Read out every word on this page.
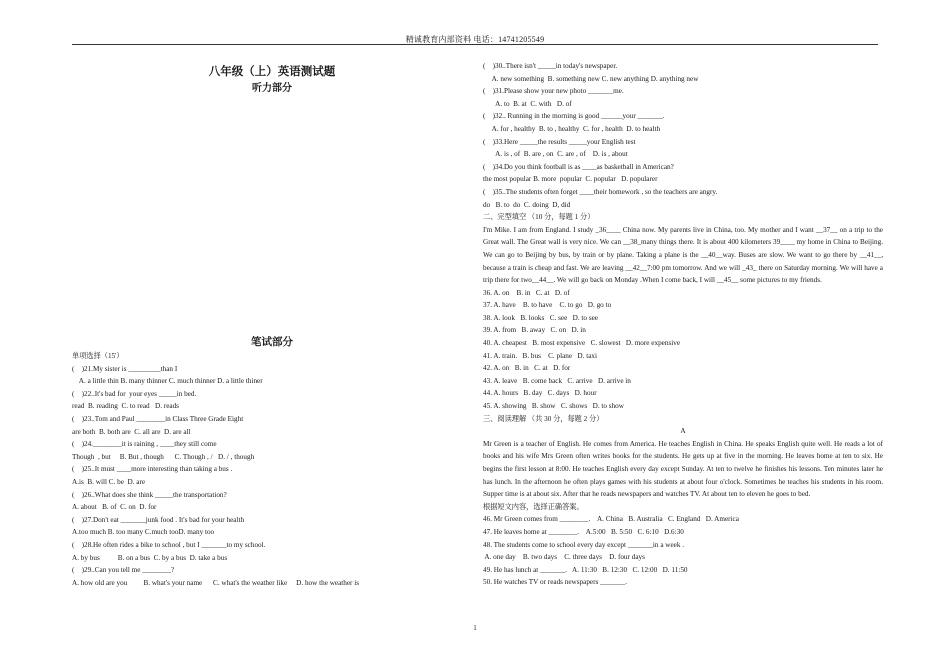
精诚教育内部资料 电话：14741205549
八年级（上）英语测试题
听力部分
笔试部分
单项选择（15'）
(    )21.My sister is _________than I
A. a little thin B. many thinner C. much thinner D. a little thiner
(    )22..It's bad for  your eyes _____in bed.
read  B. reading  C. to read   D. reads
(    )23..Tom and Paul ________in Class Three Grade Eight
are both  B. both are  C. all are  D. are all
(    )24.________it is raining , ____they still come
Though  , but     B. But , though      C. Though , /   D. / , though
(    )25..It must ____more interesting than taking a bus .
A.is  B. will C. be  D. are
(    )26..What does she think _____the transportation?
A. about   B. of  C. on  D. for
(    )27.Don't eat _______junk food . It's bad for your health
A.too much B. too many C.much tooD. many too
(    )28.He often rides a bike to school , but I _______to my school.
A. by bus          B. on a bus  C. by a bus  D. take a bus
(    )29..Can you tell me ________?
A. how old are you         B. what's your name      C. what's the weather like     D. how the weather is
(    )30..There isn't _____in today's newspaper.
A. new something  B. something new C. new anything D. anything new
(    )31.Please show your new photo _______me.
A. to  B. at  C. with   D. of
(    )32.. Running in the morning is good ______your _______.
A. for , healthy  B. to , healthy  C. for , health  D. to health
(    )33.Here _____the results _____your English test
A. is , of  B. are , on  C. are , of    D. is , about
(    )34.Do you think football is as ____as basketball in American?
the most popular B. more  popular  C. popular   D. popularer
(    )35..The students often forget ____their homework , so the teachers are angry.
do   B. to  do  C. doing  D, did
二、完型填空 （10 分，每题 1 分）
I'm Mike. I am from England. I study _36____ China now. My parents live in China, too. My mother and I want __37__ on a trip to the Great wall. The Great wall is very nice. We can __38_many things there. It is about 400 kilometers 39____ my home in China to Beijing. We can go to Beijing by bus, by train or by plane. Taking a plane is the __40__way. Buses are slow. We want to go there by __41__, because a train is cheap and fast. We are leaving __42__7:00 pm tomorrow. And we will _43_ there on Saturday morning. We will have a trip there for two__44__. We will go back on Monday .When I come back, I will __45__ some pictures to my friends.
36. A. on    B. in   C. at   D. of
37. A. have    B. to have    C. to go   D. go to
38. A. look   B. looks   C. see   D. to see
39. A. from   B. away   C. on   D. in
40. A. cheapest   B. most expensive   C. slowest   D. more expensive
41. A. train.   B. bus    C. plane   D. taxi
42. A. on   B. in   C. at   D. for
43. A. leave   B. come back   C. arrive   D. arrive in
44. A. hours   B. day   C. days   D. hour
45. A. showing   B. show   C. shows   D. to show
三、阅读理解 （共 30 分，每题 2 分）
A
Mr Green is a teacher of English. He comes from America. He teaches English in China. He speaks English quite well. He reads a lot of books and his wife Mrs Green often writes books for the students. He gets up at five in the morning. He leaves home at ten to six. He begins the first lesson at 8:00. He teaches English every day except Sunday. At ten to twelve he finishes his lessons. Ten minutes later he has lunch. In the afternoon he often plays games with his students at about four o'clock. Sometimes he teaches his students in his room. Supper time is at about six. After that he reads newspapers and watches TV. At about ten to eleven he goes to bed.
根据短文内容，选择正确答案。
46. Mr Green comes from ________.    A. China   B. Australia   C. England   D. America
47. He leaves home at ________.    A.5:00   B. 5:50   C. 6:10   D.6:30
48. The students come to school every day except _______in a week .
A. one day    B. two days    C. three days    D. four days
49. He has lunch at _______.   A. 11:30   B. 12:30   C. 12:00   D. 11:50
50. He watches TV or reads newspapers _______.
1
